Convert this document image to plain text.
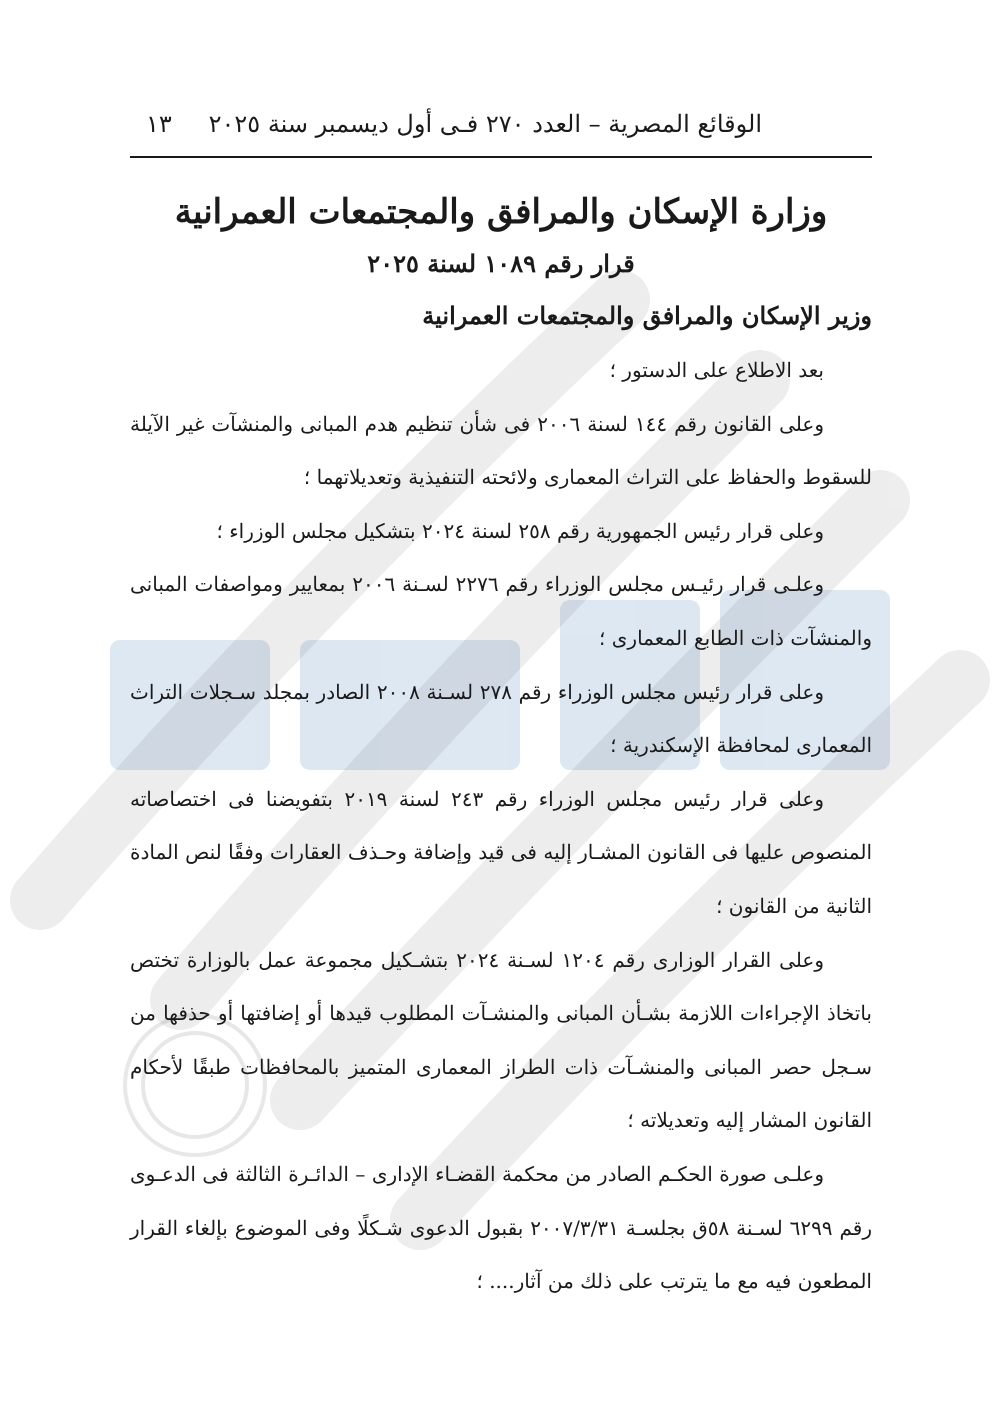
الوقائع المصرية – العدد ٢٧٠ فـى أول ديسمبر سنة ٢٠٢٥
١٣
وزارة الإسكان والمرافق والمجتمعات العمرانية
قرار رقم ١٠٨٩ لسنة ٢٠٢٥
وزير الإسكان والمرافق والمجتمعات العمرانية

بعد الاطلاع على الدستور ؛

وعلى القانون رقم ١٤٤ لسنة ٢٠٠٦ فى شأن تنظيم هدم المبانى والمنشآت غير الآيلة للسقوط والحفاظ على التراث المعمارى ولائحته التنفيذية وتعديلاتهما ؛

وعلى قرار رئيس الجمهورية رقم ٢٥٨ لسنة ٢٠٢٤ بتشكيل مجلس الوزراء ؛

وعلـى قرار رئيـس مجلس الوزراء رقم ٢٢٧٦ لسـنة ٢٠٠٦ بمعايير ومواصفات المبانى والمنشآت ذات الطابع المعمارى ؛

وعلى قرار رئيس مجلس الوزراء رقم ٢٧٨ لسـنة ٢٠٠٨ الصادر بمجلد سـجلات التراث المعمارى لمحافظة الإسكندرية ؛

وعلى قرار رئيس مجلس الوزراء رقم ٢٤٣ لسنة ٢٠١٩ بتفويضنا فى اختصاصاته المنصوص عليها فى القانون المشـار إليه فى قيد وإضافة وحـذف العقارات وفقًا لنص المادة الثانية من القانون ؛

وعلى القرار الوزارى رقم ١٢٠٤ لسـنة ٢٠٢٤ بتشـكيل مجموعة عمل بالوزارة تختص باتخاذ الإجراءات اللازمة بشـأن المبانى والمنشـآت المطلوب قيدها أو إضافتها أو حذفها من سـجل حصر المبانى والمنشـآت ذات الطراز المعمارى المتميز بالمحافظات طبقًا لأحكام القانون المشار إليه وتعديلاته ؛

وعلـى صورة الحكـم الصادر من محكمة القضـاء الإدارى – الدائـرة الثالثة فى الدعـوى رقم ٦٢٩٩ لسـنة ٥٨ق بجلسـة ٢٠٠٧/٣/٣١ بقبول الدعوى شـكلًا وفى الموضوع بإلغاء القرار المطعون فيه مع ما يترتب على ذلك من آثار.... ؛
